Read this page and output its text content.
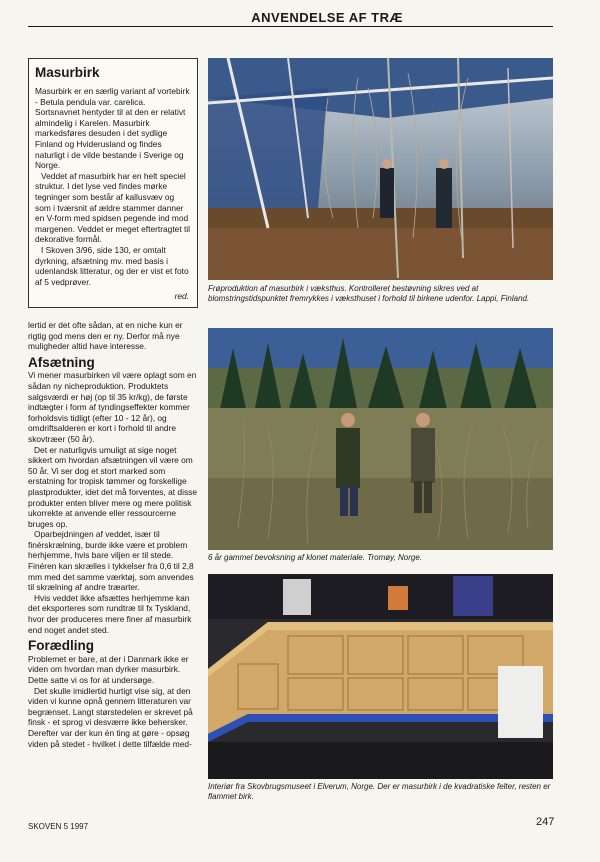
ANVENDELSE AF TRÆ
Masurbirk

Masurbirk er en særlig variant af vortebirk - Betula pendula var. carelica. Sortsnavnet hentyder til at den er relativt almindelig i Karelen. Masurbirk markedsføres desuden i det sydlige Finland og Hviderusland og findes naturligt i de vilde bestande i Sverige og Norge.

Veddet af masurbirk har en helt speciel struktur. I det lyse ved findes mørke tegninger som består af kallusvæv og som i tværsnit af ældre stammer danner en V-form med spidsen pegende ind mod margenen. Veddet er meget eftertragtet til dekorative formål.

I Skoven 3/96, side 130, er omtalt dyrkning, afsætning mv. med basis i udenlandsk litteratur, og der er vist et foto af 5 vedprøver.

red.

lertid er det ofte sådan, at en niche kun er rigtig god mens den er ny. Derfor må nye muligheder altid have interesse.

Afsætning

Vi mener masurbirken vil være oplagt som en sådan ny nicheproduktion. Produktets salgsværdi er høj (op til 35 kr/kg), de første indtægter i form af tyndingseffekter kommer forholdsvis tidligt (efter 10 - 12 år), og omdriftsalderen er kort i forhold til andre skovtræer (50 år).

Det er naturligvis umuligt at sige noget sikkert om hvordan afsætningen vil være om 50 år. Vi ser dog et stort marked som erstatning for tropisk tømmer og forskellige plastprodukter, idet det må forventes, at disse produkter enten bliver mere og mere politisk ukorrekte at anvende eller ressourcerne bruges op.

Oparbejdningen af veddet, især til finérskrælning, burde ikke være et problem herhjemme, hvis bare viljen er til stede. Finéren kan skrælles i tykkelser fra 0,6 til 2,8 mm med det samme værktøj, som anvendes til skrælning af andre træarter.

Hvis veddet ikke afsættes herhjemme kan det eksporteres som rundtræ til fx Tyskland, hvor der produceres mere finer af masurbirk end noget andet sted.

Forædling

Problemet er bare, at der i Danmark ikke er viden om hvordan man dyrker masurbirk. Dette satte vi os for at undersøge.

Det skulle imidlertid hurtigt vise sig, at den viden vi kunne opnå gennem litteraturen var begrænset. Langt størstedelen er skrevet på finsk - et sprog vi desværre ikke behersker. Derefter var der kun én ting at gøre - opsøg viden på stedet - hvilket i dette tilfælde med-

Frøproduktion af masurbirk i væksthus. Kontrolleret bestøvning sikres ved at blomstringstidspunktet fremrykkes i væksthuset i forhold til birkene udenfor. Lappi, Finland.
6 år gammel bevoksning af klonet materiale. Tromøy, Norge.
Interiør fra Skovbrugsmuseet i Elverum, Norge. Der er masurbirk i de kvadratiske felter, resten er flammet birk.
SKOVEN 5 1997	247
